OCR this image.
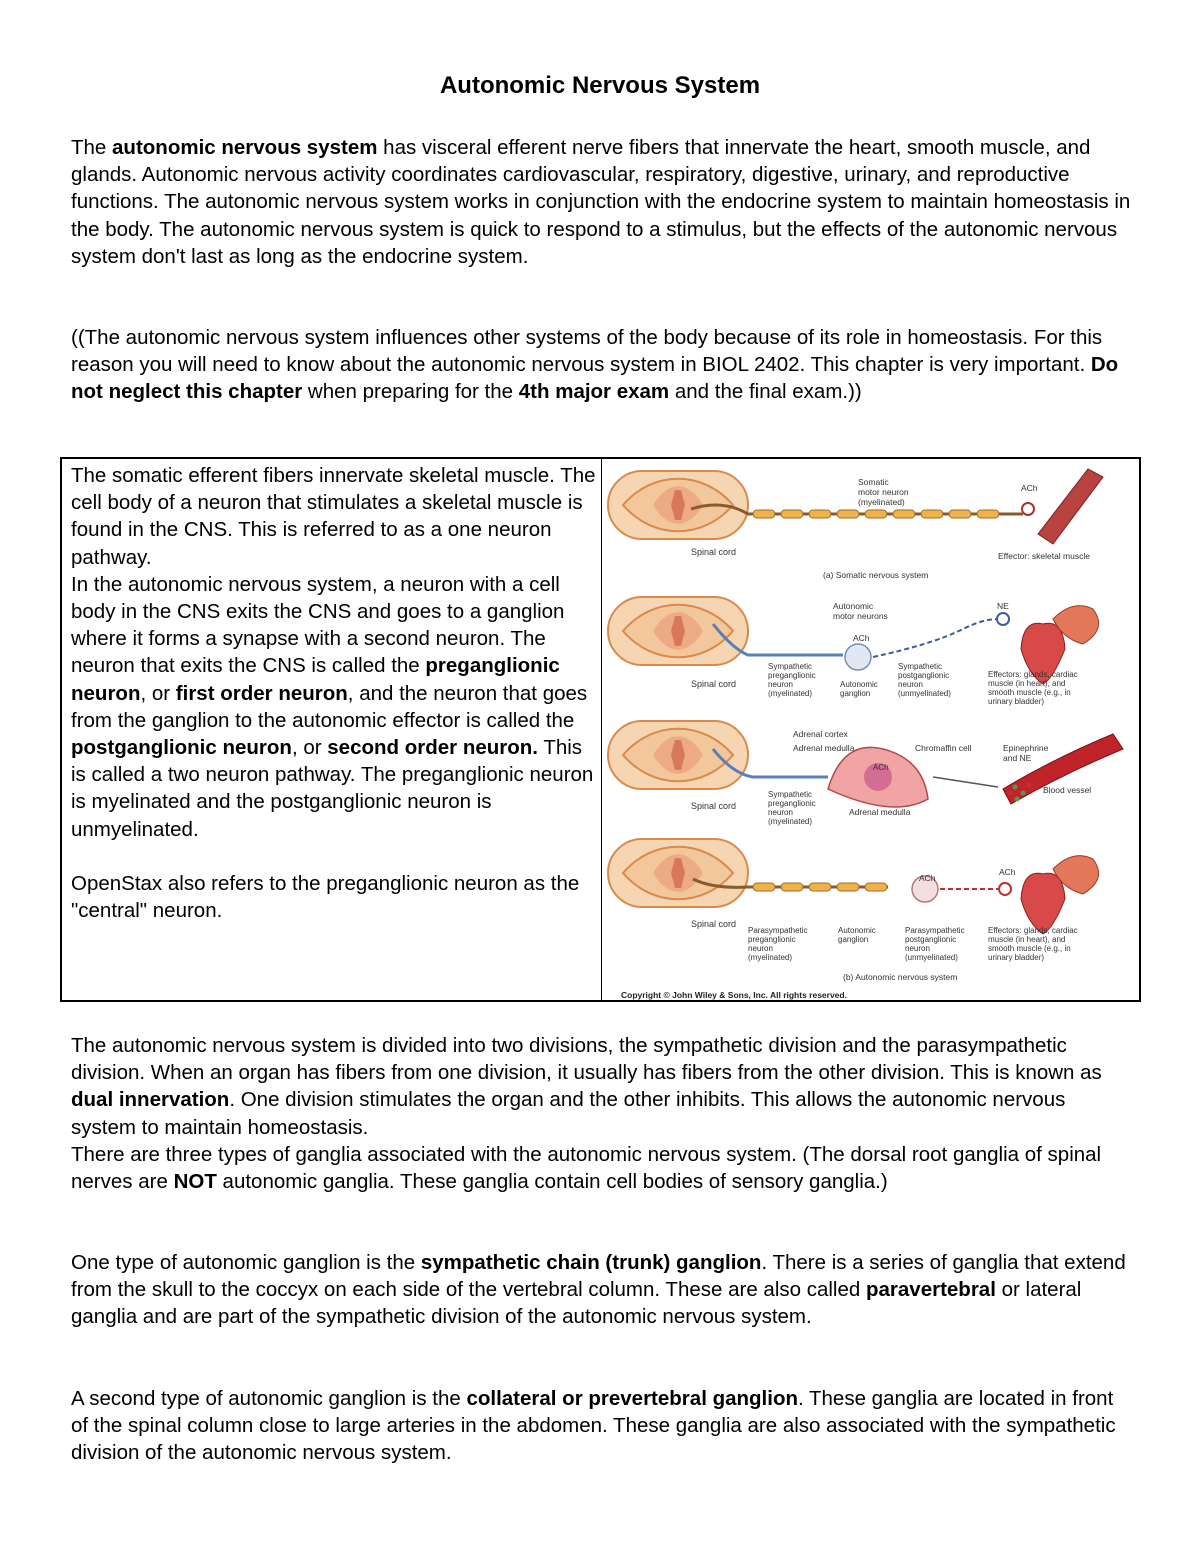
Autonomic Nervous System
The autonomic nervous system has visceral efferent nerve fibers that innervate the heart, smooth muscle, and glands. Autonomic nervous activity coordinates cardiovascular, respiratory, digestive, urinary, and reproductive functions. The autonomic nervous system works in conjunction with the endocrine system to maintain homeostasis in the body. The autonomic nervous system is quick to respond to a stimulus, but the effects of the autonomic nervous system don't last as long as the endocrine system.
((The autonomic nervous system influences other systems of the body because of its role in homeostasis. For this reason you will need to know about the autonomic nervous system in BIOL 2402. This chapter is very important. Do not neglect this chapter when preparing for the 4th major exam and the final exam.))
The somatic efferent fibers innervate skeletal muscle. The cell body of a neuron that stimulates a skeletal muscle is found in the CNS. This is referred to as a one neuron pathway.
In the autonomic nervous system, a neuron with a cell body in the CNS exits the CNS and goes to a ganglion where it forms a synapse with a second neuron. The neuron that exits the CNS is called the preganglionic neuron, or first order neuron, and the neuron that goes from the ganglion to the autonomic effector is called the postganglionic neuron, or second order neuron. This is called a two neuron pathway. The preganglionic neuron is myelinated and the postganglionic neuron is unmyelinated.
OpenStax also refers to the preganglionic neuron as the "central" neuron.
Spinal cord
Somatic motor neuron (myelinated)
ACh
Effector: skeletal muscle
(a) Somatic nervous system
Spinal cord
Autonomic motor neurons
ACh
NE
Sympathetic preganglionic neuron (myelinated)
Autonomic ganglion
Sympathetic postganglionic neuron (unmyelinated)
Effectors: glands, cardiac muscle (in heart), and smooth muscle (e.g., in urinary bladder)
Spinal cord
Adrenal cortex
Adrenal medulla	Chromaffin cell
ACh
Epinephrine and NE
Blood vessel
Sympathetic preganglionic neuron (myelinated)
Adrenal medulla
Spinal cord
ACh
ACh
Parasympathetic preganglionic neuron (myelinated)
Autonomic ganglion
Parasympathetic postganglionic neuron (unmyelinated)
Effectors: glands, cardiac muscle (in heart), and smooth muscle (e.g., in urinary bladder)
(b) Autonomic nervous system
Copyright © John Wiley & Sons, Inc. All rights reserved.
The autonomic nervous system is divided into two divisions, the sympathetic division and the parasympathetic division. When an organ has fibers from one division, it usually has fibers from the other division. This is known as dual innervation. One division stimulates the organ and the other inhibits. This allows the autonomic nervous system to maintain homeostasis.
There are three types of ganglia associated with the autonomic nervous system. (The dorsal root ganglia of spinal nerves are NOT autonomic ganglia. These ganglia contain cell bodies of sensory ganglia.)
One type of autonomic ganglion is the sympathetic chain (trunk) ganglion. There is a series of ganglia that extend from the skull to the coccyx on each side of the vertebral column. These are also called paravertebral or lateral ganglia and are part of the sympathetic division of the autonomic nervous system.
A second type of autonomic ganglion is the collateral or prevertebral ganglion. These ganglia are located in front of the spinal column close to large arteries in the abdomen. These ganglia are also associated with the sympathetic division of the autonomic nervous system.
